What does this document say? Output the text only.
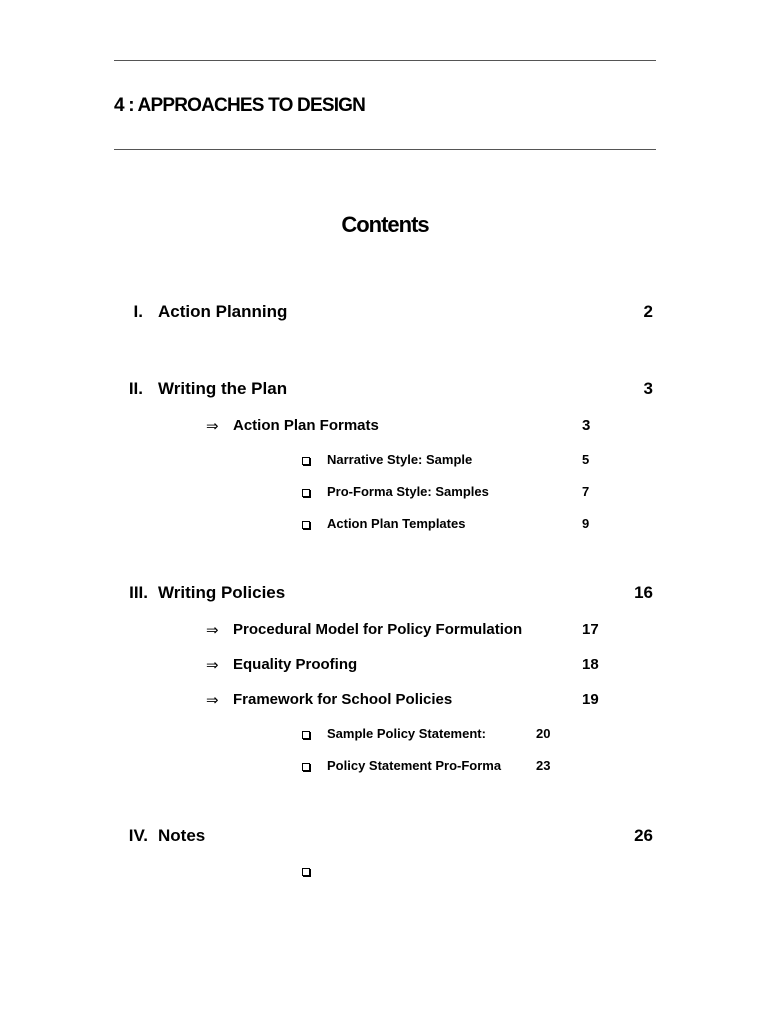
4 : APPROACHES TO DESIGN
Contents
I. Action Planning	2
II. Writing the Plan	3
⇒ Action Plan Formats	3
Narrative Style: Sample	5
Pro-Forma Style: Samples	7
Action Plan Templates	9
III. Writing Policies	16
⇒ Procedural Model for Policy Formulation	17
⇒ Equality Proofing	18
⇒ Framework for School Policies	19
Sample Policy Statement:	20
Policy Statement Pro-Forma	23
IV. Notes	26
